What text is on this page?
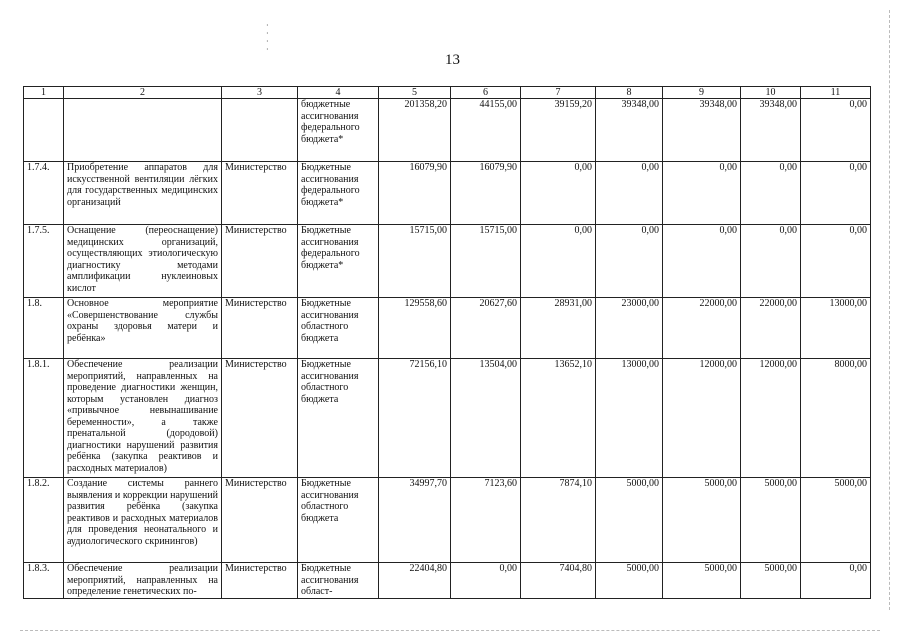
·
·
·
·
13
1	2	3	4	5	6	7	8	9	10	11
			бюджетные ассигнования федерального бюджета*	201358,20	44155,00	39159,20	39348,00	39348,00	39348,00	0,00
1.7.4.	Приобретение аппаратов для искусственной вентиляции лёгких для государственных медицинских организаций	Министерство	Бюджетные ассигнования федерального бюджета*	16079,90	16079,90	0,00	0,00	0,00	0,00	0,00
1.7.5.	Оснащение (переоснащение) медицинских организаций, осуществляющих этиологическую диагностику методами амплификации нуклеиновых кислот	Министерство	Бюджетные ассигнования федерального бюджета*	15715,00	15715,00	0,00	0,00	0,00	0,00	0,00
1.8.	Основное мероприятие «Совершенствование службы охраны здоровья матери и ребёнка»	Министерство	Бюджетные ассигнования областного бюджета	129558,60	20627,60	28931,00	23000,00	22000,00	22000,00	13000,00
1.8.1.	Обеспечение реализации мероприятий, направленных на проведение диагностики женщин, которым установлен диагноз «привычное невынашивание беременности», а также пренатальной (дородовой) диагностики нарушений развития ребёнка (закупка реактивов и расходных материалов)	Министерство	Бюджетные ассигнования областного бюджета	72156,10	13504,00	13652,10	13000,00	12000,00	12000,00	8000,00
1.8.2.	Создание системы раннего выявления и коррекции нарушений развития ребёнка (закупка реактивов и расходных материалов для проведения неонатального и аудиологического скринингов)	Министерство	Бюджетные ассигнования областного бюджета	34997,70	7123,60	7874,10	5000,00	5000,00	5000,00	5000,00
1.8.3.	Обеспечение реализации мероприятий, направленных на определение генетических по-	Министерство	Бюджетные ассигнования област-	22404,80	0,00	7404,80	5000,00	5000,00	5000,00	0,00
